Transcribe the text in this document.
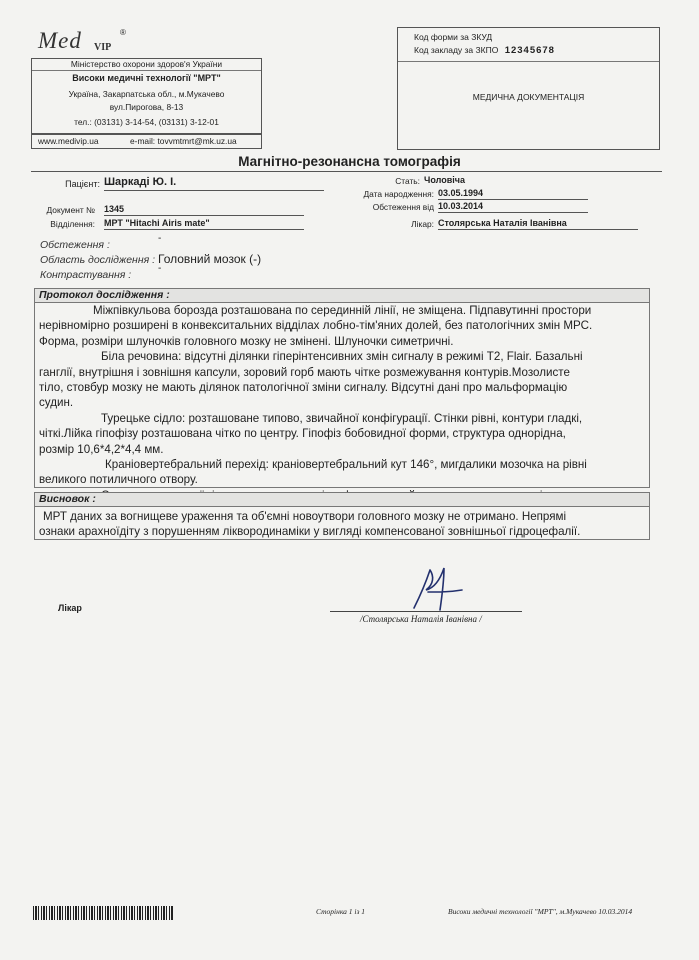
Med VIP
®
Міністерство охорони здоров'я України
Високи медичні технології "МРТ"
Україна, Закарпатська обл., м.Мукачево
вул.Пирогова, 8-13
тел.: (03131) 3-14-54, (03131) 3-12-01
www.medivip.ua	e-mail: tovvmtmrt@mk.uz.ua
Код форми за ЗКУД
Код закладу за ЗКПО 12345678
МЕДИЧНА ДОКУМЕНТАЦІЯ
Магнітно-резонансна томографія
Пацієнт: Шаркаді Ю. І.	Стать: Чоловіча
Дата народження: 03.05.1994
Документ № 1345	Обстеження від 10.03.2014
Відділення: МРТ "Hitachi Airis mate"	Лікар: Столярська Наталія Іванівна
Обстеження :
-
Область дослідження : Головний мозок (-)
Контрастування :
-
Протокол дослідження :
Міжпівкульова борозда розташована по серединній лінії, не зміщена. Підпавутинні простори
нерівномірно розширені в конвекситальних відділах лобно-тім'яних долей, без патологічних змін МРС.
Форма, розміри шлуночків головного мозку не змінені. Шлуночки симетричні.
Біла речовина: відсутні ділянки гіперінтенсивних змін сигналу в режимі Т2, Flair. Базальні
ганглії, внутрішня і зовнішня капсули, зоровий горб мають чітке розмежування контурів.Мозолисте
тіло, стовбур мозку не мають ділянок патологічної зміни сигналу. Відсутні дані про мальформацію
судин.
Турецьке сідло: розташоване типово, звичайної конфігурації. Стінки рівні, контури гладкі,
чіткі.Лійка гіпофізу розташована чітко по центру. Гіпофіз бобовидної форми, структура однорідна,
розмір 10,6*4,2*4,4 мм.
Краніовертебральний перехід: краніовертебральний кут 146°, мигдалики мозочка на рівні
великого потиличного отвору.
Висновок :
МРТ даних за вогнищеве ураження та об'ємні новоутвори головного мозку не отримано. Непрямі
ознаки арахноїдіту з порушенням ліквородинаміки у вигляді компенсованої зовнішньої гідроцефалії.
Лікар
/Столярська Наталія Іванівна /
Сторінка 1 із 1	Високи медичні технології "МРТ", м.Мукачево 10.03.2014
